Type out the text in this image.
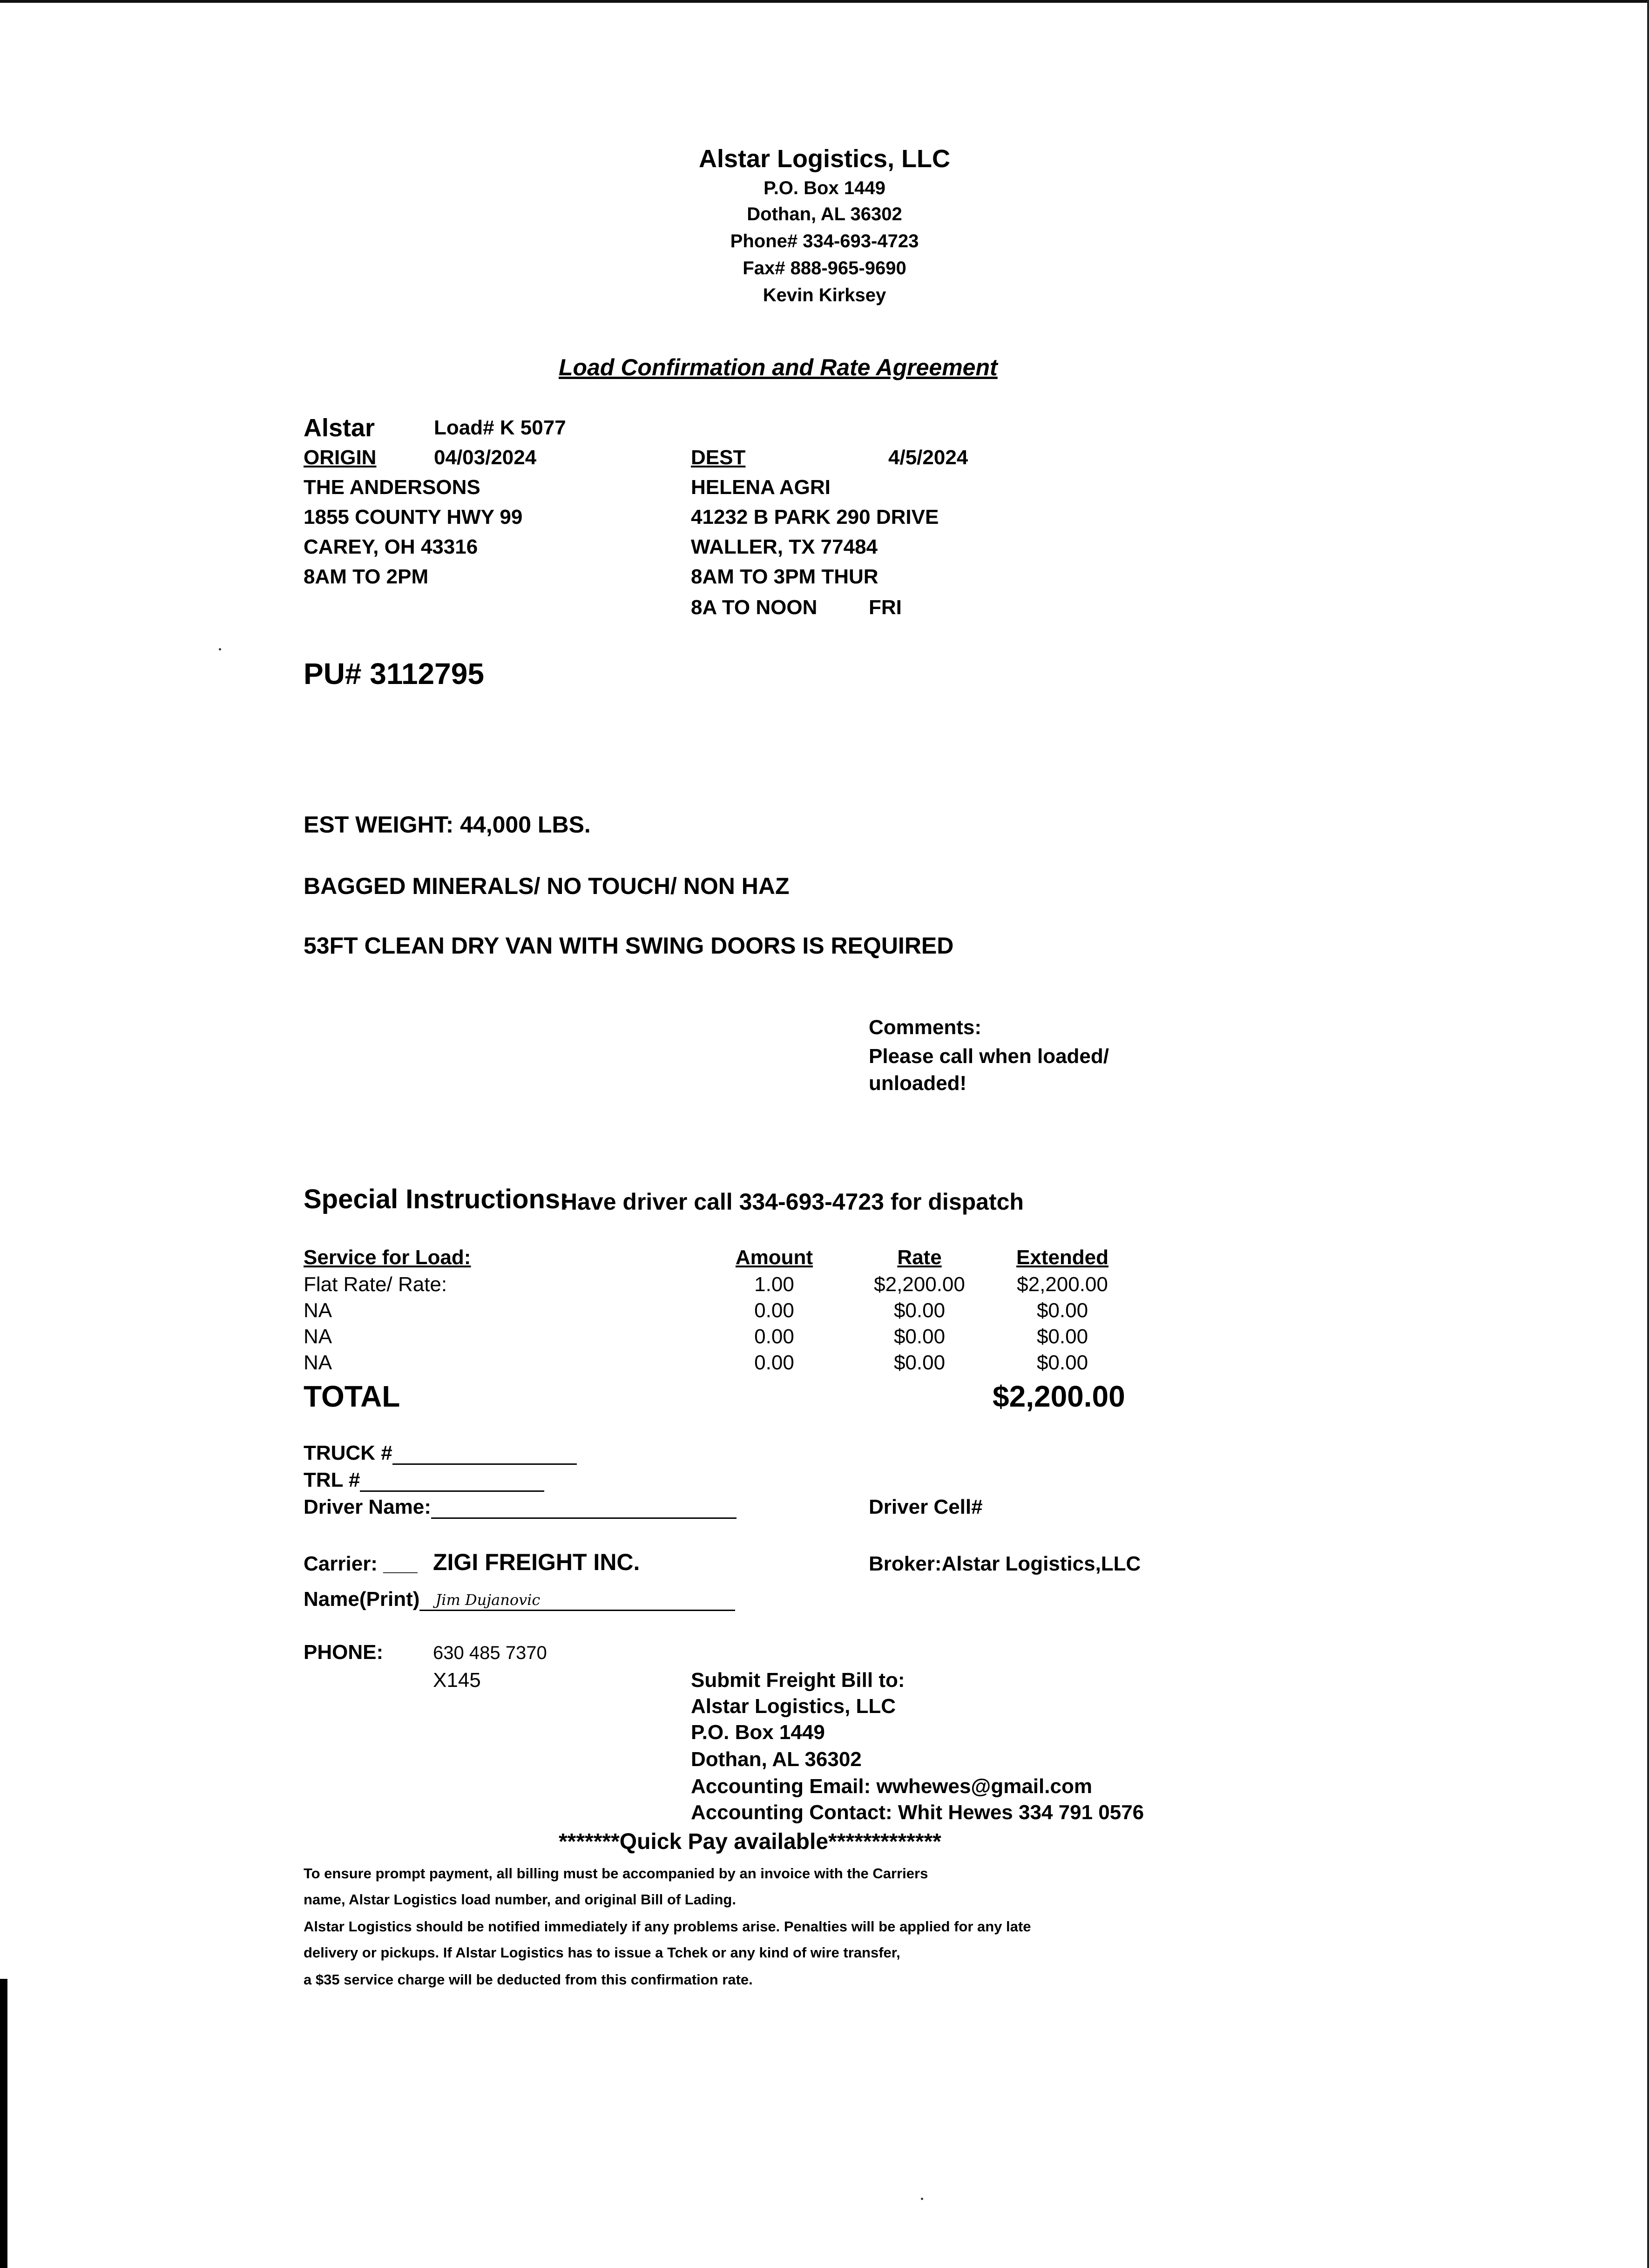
Alstar Logistics, LLC
P.O. Box 1449
Dothan, AL 36302
Phone# 334-693-4723
Fax# 888-965-9690
Kevin Kirksey
Load Confirmation and Rate Agreement
Alstar	Load# K 5077
ORIGIN	04/03/2024
THE ANDERSONS
1855 COUNTY HWY 99
CAREY, OH 43316
8AM TO 2PM
DEST	4/5/2024
HELENA AGRI
41232 B PARK 290 DRIVE
WALLER, TX 77484
8AM TO 3PM THUR
8A TO NOON	FRI
PU# 3112795
EST WEIGHT: 44,000 LBS.
BAGGED MINERALS/ NO TOUCH/ NON HAZ
53FT CLEAN DRY VAN WITH SWING DOORS IS REQUIRED
Comments:
Please call when loaded/
unloaded!
Special Instructions:
Have driver call 334-693-4723 for dispatch
Service for Load:	Amount	Rate	Extended
Flat Rate/ Rate:	1.00	$2,200.00	$2,200.00
NA	0.00	$0.00	$0.00
NA	0.00	$0.00	$0.00
NA	0.00	$0.00	$0.00
TOTAL	$2,200.00
TRUCK #
TRL #
Driver Name:	Driver Cell#
Carrier: ___ ZIGI FREIGHT INC.	Broker:Alstar Logistics,LLC
Name(Print) Jim Dujanovic
PHONE:	630 485 7370
X145	Submit Freight Bill to:
Alstar Logistics, LLC
P.O. Box 1449
Dothan, AL 36302
Accounting Email: wwhewes@gmail.com
Accounting Contact: Whit Hewes 334 791 0576
*******Quick Pay available*************
To ensure prompt payment, all billing must be accompanied by an invoice with the Carriers
name, Alstar Logistics load number, and original Bill of Lading.
Alstar Logistics should be notified immediately if any problems arise. Penalties will be applied for any late
delivery or pickups. If Alstar Logistics has to issue a Tchek or any kind of wire transfer,
a $35 service charge will be deducted from this confirmation rate.
